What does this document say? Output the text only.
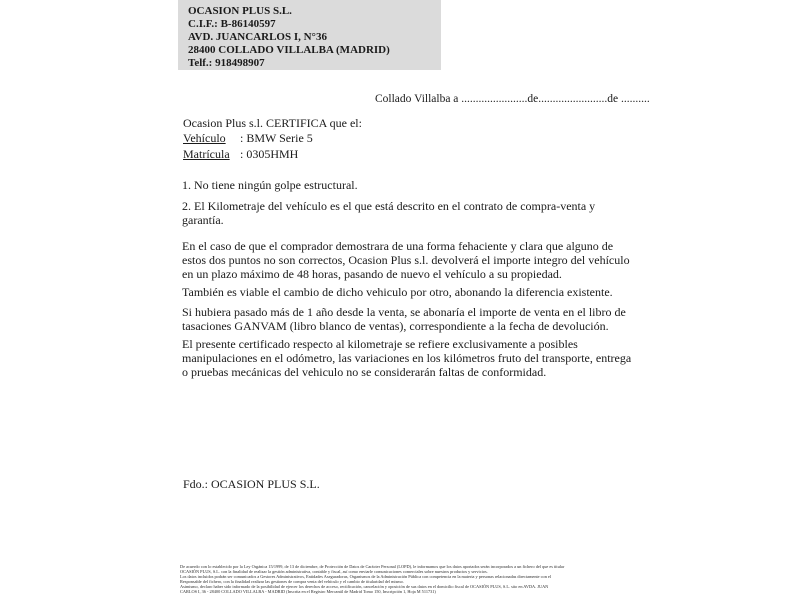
OCASION PLUS S.L.
C.I.F.: B-86140597
AVD. JUANCARLOS I, N°36
28400 COLLADO VILLALBA (MADRID)
Telf.: 918498907
Collado Villalba a .......................de........................de ..........
Ocasion Plus s.l. CERTIFICA que el:
Vehículo : BMW Serie 5
Matrícula : 0305HMH
1. No tiene ningún golpe estructural.
2. El Kilometraje del vehículo es el que está descrito en el contrato de compra-venta y garantía.
En el caso de que el comprador demostrara de una forma fehaciente y clara que alguno de estos dos puntos no son correctos, Ocasion Plus s.l. devolverá el importe integro del vehículo en un plazo máximo de 48 horas, pasando de nuevo el vehículo a su propiedad.
También es viable el cambio de dicho vehiculo por otro, abonando la diferencia existente.
Si hubiera pasado más de 1 año desde la venta, se abonaría el importe de venta en el libro de tasaciones GANVAM (libro blanco de ventas), correspondiente a la fecha de devolución.
El presente certificado respecto al kilometraje se refiere exclusivamente a posibles manipulaciones en el odómetro, las variaciones en los kilómetros fruto del transporte, entrega o pruebas mecánicas del vehiculo no se considerarán faltas de conformidad.
Fdo.: OCASION PLUS S.L.
De acuerdo con lo establecido por la Ley Orgánica 15/1999, de 13 de diciembre, de Protección de Datos de Carácter Personal (LOPD), le informamos que los datos aportados serán incorporados a un fichero del que es titular
OCASIÓN PLUS, S.L. con la finalidad de realizar la gestión administrativa, contable y fiscal, así como enviarle comunicaciones comerciales sobre nuestros productos y servicios.
Los datos incluidos podrán ser comunicados a Gestores Administrativos, Entidades Aseguradoras, Organismos de la Administración Pública con competencia en la materia y personas relacionadas directamente con el
Responsable del fichero, con la finalidad realizar las gestiones de compra venta del vehículo y el cambio de titularidad del mismo.
Asimismo, declaro haber sido informado de la posibilidad de ejercer los derechos de acceso, rectificación, cancelación y oposición de sus datos en el domicilio fiscal de OCASIÓN PLUS, S.L. sito en AVDA. JUAN
CARLOS I, 36 - 28400 COLLADO VILLALBA - MADRID (Inscrita en el Registro Mercantil de Madrid Tomo 150, Inscripción 1, Hoja M 511731)
